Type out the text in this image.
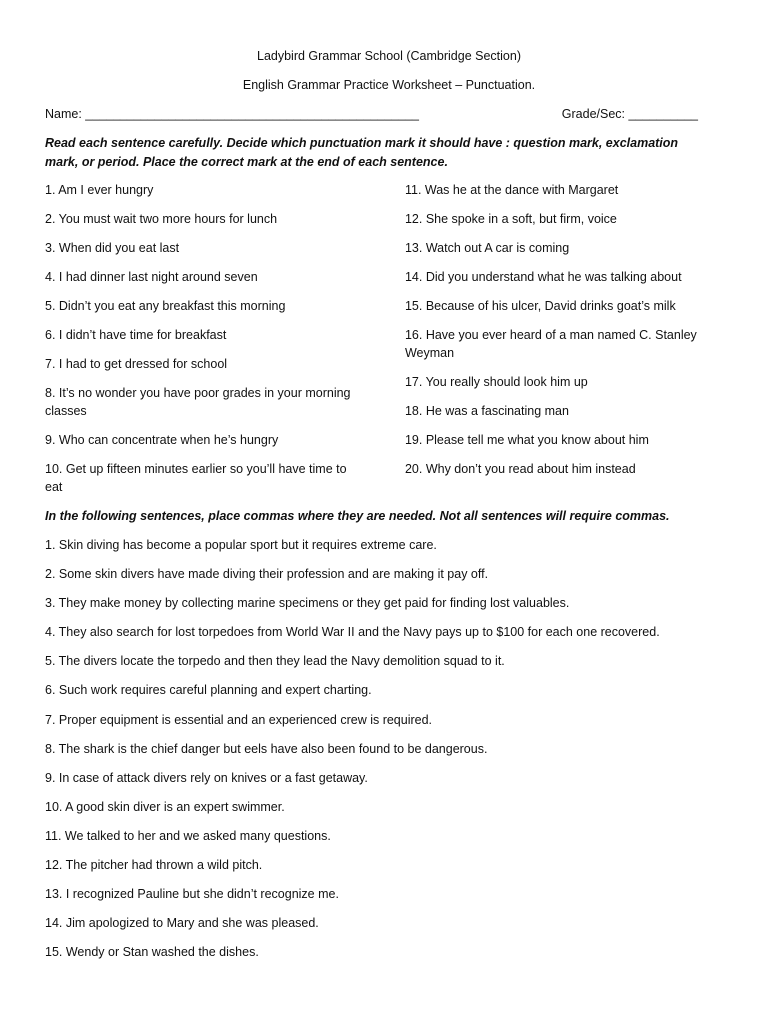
Ladybird Grammar School (Cambridge Section)

English Grammar Practice Worksheet – Punctuation.

Name: ________________________________________________	Grade/Sec: __________
Read each sentence carefully. Decide which punctuation mark it should have : question mark, exclamation mark, or period. Place the correct mark at the end of each sentence.
1. Am I ever hungry
2. You must wait two more hours for lunch
3. When did you eat last
4. I had dinner last night around seven
5. Didn’t you eat any breakfast this morning
6. I didn’t have time for breakfast
7. I had to get dressed for school
8. It’s no wonder you have poor grades in your morning classes
9. Who can concentrate when he’s hungry
10. Get up fifteen minutes earlier so you’ll have time to eat
11. Was he at the dance with Margaret
12. She spoke in a soft, but firm, voice
13. Watch out A car is coming
14. Did you understand what he was talking about
15. Because of his ulcer, David drinks goat’s milk
16. Have you ever heard of a man named C. Stanley Weyman
17. You really should look him up
18. He was a fascinating man
19. Please tell me what you know about him
20. Why don’t you read about him instead
In the following sentences, place commas where they are needed. Not all sentences will require commas.
1. Skin diving has become a popular sport but it requires extreme care.
2. Some skin divers have made diving their profession and are making it pay off.
3. They make money by collecting marine specimens or they get paid for finding lost valuables.
4. They also search for lost torpedoes from World War II and the Navy pays up to $100 for each one recovered.
5. The divers locate the torpedo and then they lead the Navy demolition squad to it.
6. Such work requires careful planning and expert charting.
7. Proper equipment is essential and an experienced crew is required.
8. The shark is the chief danger but eels have also been found to be dangerous.
9. In case of attack divers rely on knives or a fast getaway.
10. A good skin diver is an expert swimmer.
11. We talked to her and we asked many questions.
12. The pitcher had thrown a wild pitch.
13. I recognized Pauline but she didn’t recognize me.
14. Jim apologized to Mary and she was pleased.
15. Wendy or Stan washed the dishes.
